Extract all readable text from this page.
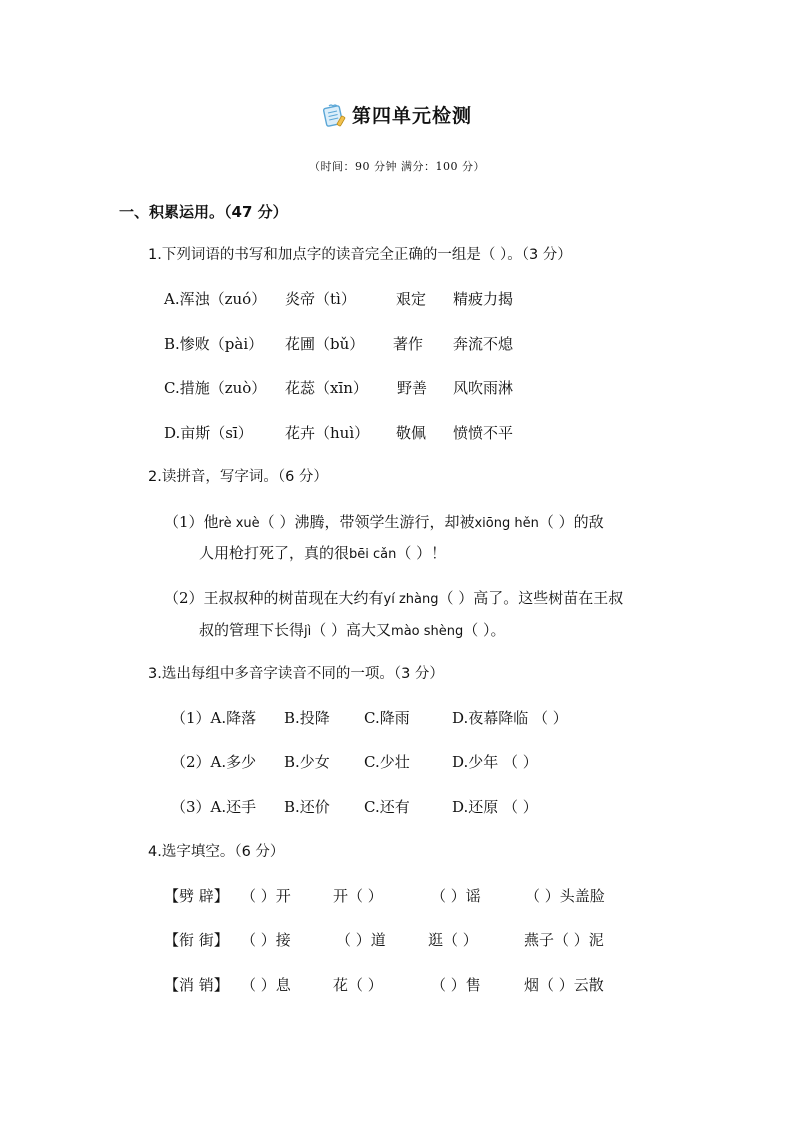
第四单元检测
（时间：90 分钟 满分：100 分）
一、积累运用。（47 分）
1.下列词语的书写和加点字的读音完全正确的一组是（ ）。（3 分）
A.浑浊（zuó） 炎帝（tì）	艰定 精疲力揭
B.惨败（pài） 花圃（bǔ） 著作 奔流不熄
C.措施（zuò） 花蕊（xīn） 野善 风吹雨淋
D.亩斯（sī） 花卉（huì） 敬佩 愤愤不平
2.读拼音，写字词。（6 分）
（1）他rè xuè（ ）沸腾，带领学生游行，却被xiōng hěn（ ）的敌
人用枪打死了，真的很bēi cǎn（ ）！
（2）王叔叔种的树苗现在大约有yí zhàng（ ）高了。这些树苗在王叔
叔的管理下长得jì（ ）高大又mào shèng（ ）。
3.选出每组中多音字读音不同的一项。（3 分）
（1）A.降落 B.投降 C.降雨	D.夜幕降临 （ ）
（2）A.多少 B.少女 C.少壮	D.少年 （ ）
（3）A.还手 B.还价 C.还有	D.还原 （ ）
4.选字填空。（6 分）
【劈 辟】 （ ）开	开（ ）	（ ）谣	（ ）头盖脸
【衔 街】 （ ）接	（ ）道	逛（ ）	燕子（ ）泥
【消 销】 （ ）息	花（ ）	（ ）售	烟（ ）云散
